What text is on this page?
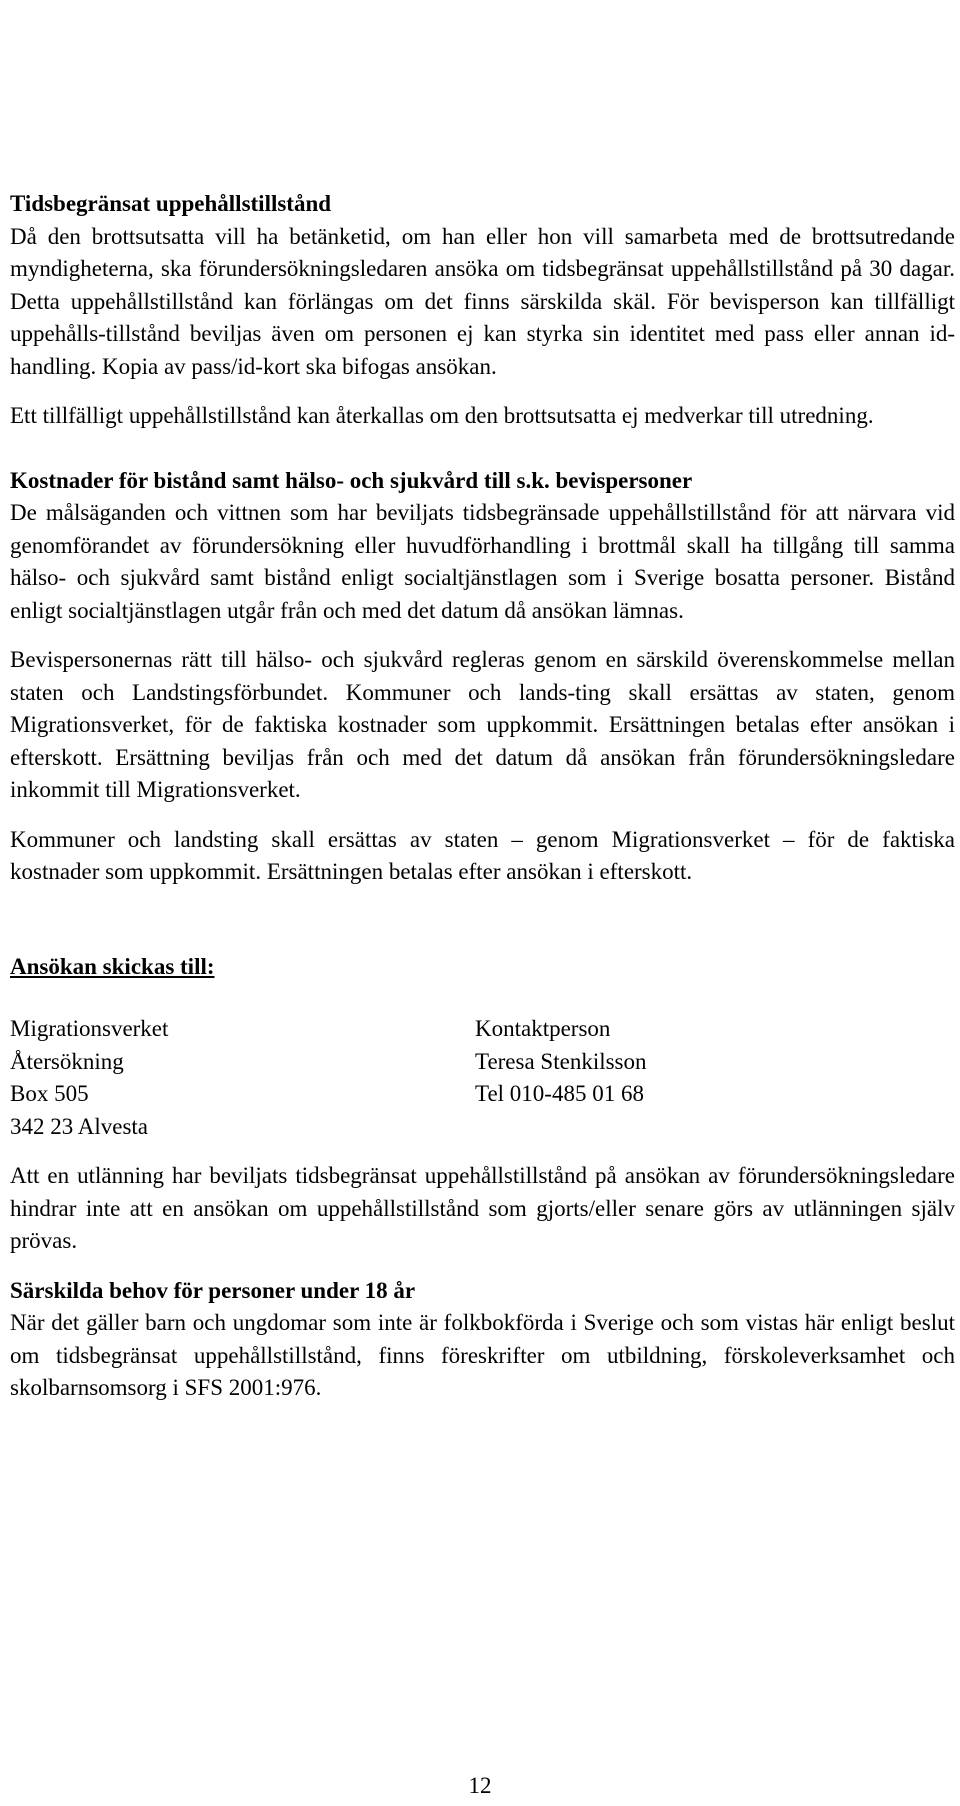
Tidsbegränsat uppehållstillstånd

Då den brottsutsatta vill ha betänketid, om han eller hon vill samarbeta med de brottsutredande myndigheterna, ska förundersökningsledaren ansöka om tidsbegränsat uppehållstillstånd på 30 dagar. Detta uppehållstillstånd kan förlängas om det finns särskilda skäl. För bevisperson kan tillfälligt uppehålls-tillstånd beviljas även om personen ej kan styrka sin identitet med pass eller annan id-handling. Kopia av pass/id-kort ska bifogas ansökan.

Ett tillfälligt uppehållstillstånd kan återkallas om den brottsutsatta ej medverkar till utredning.

Kostnader för bistånd samt hälso- och sjukvård till s.k. bevispersoner

De målsäganden och vittnen som har beviljats tidsbegränsade uppehållstillstånd för att närvara vid genomförandet av förundersökning eller huvudförhandling i brottmål skall ha tillgång till samma hälso- och sjukvård samt bistånd enligt socialtjänstlagen som i Sverige bosatta personer. Bistånd enligt socialtjänstlagen utgår från och med det datum då ansökan lämnas.

Bevispersonernas rätt till hälso- och sjukvård regleras genom en särskild överenskommelse mellan staten och Landstingsförbundet. Kommuner och lands-ting skall ersättas av staten, genom Migrationsverket, för de faktiska kostnader som uppkommit. Ersättningen betalas efter ansökan i efterskott. Ersättning beviljas från och med det datum då ansökan från förundersökningsledare inkommit till Migrationsverket.

Kommuner och landsting skall ersättas av staten – genom Migrationsverket – för de faktiska kostnader som uppkommit. Ersättningen betalas efter ansökan i efterskott.

Ansökan skickas till:
Migrationsverket
Återsökning
Box 505
342 23 Alvesta
Kontaktperson
Teresa Stenkilsson
Tel 010-485 01 68

Att en utlänning har beviljats tidsbegränsat uppehållstillstånd på ansökan av förundersökningsledare hindrar inte att en ansökan om uppehållstillstånd som gjorts/eller senare görs av utlänningen själv prövas.

Särskilda behov för personer under 18 år

När det gäller barn och ungdomar som inte är folkbokförda i Sverige och som vistas här enligt beslut om tidsbegränsat uppehållstillstånd, finns föreskrifter om utbildning, förskoleverksamhet och skolbarnsomsorg i SFS 2001:976.

12
